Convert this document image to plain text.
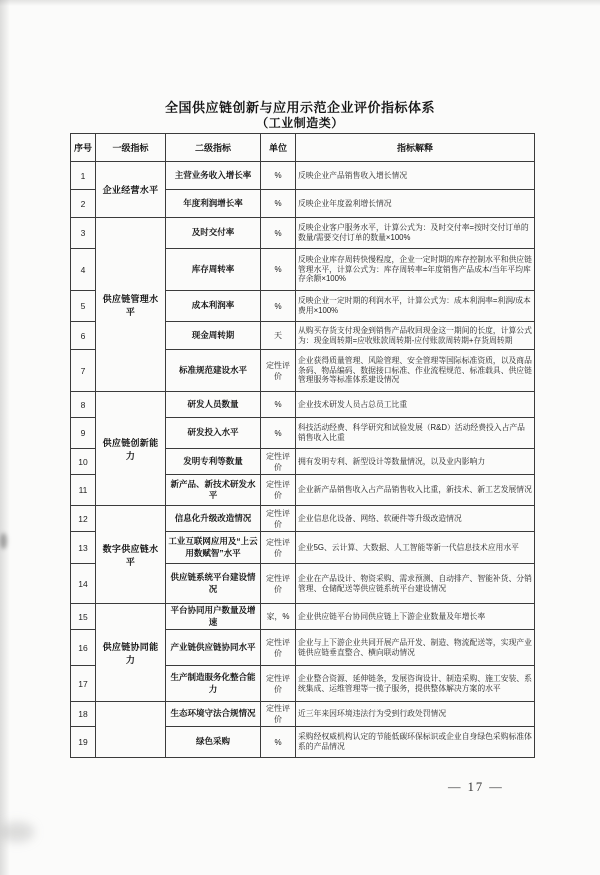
全国供应链创新与应用示范企业评价指标体系
（工业制造类）
序号	一级指标	二级指标	单位	指标解释
1	企业经营水平	主营业务收入增长率	%	反映企业产品销售收入增长情况
2		年度利润增长率	%	反映企业年度盈利增长情况
3	供应链管理水平	及时交付率	%	反映企业客户服务水平，计算公式为：及时交付率=按时交付订单的数量/需要交付订单的数量×100%
4		库存周转率	%	反映企业库存周转快慢程度，企业一定时期的库存控制水平和供应链管理水平，计算公式为：库存周转率=年度销售产品成本/当年平均库存余额×100%
5		成本利润率	%	反映企业一定时期的利润水平，计算公式为：成本利润率=利润/成本费用×100%
6		现金周转期	天	从购买存货支付现金到销售产品收回现金这一期间的长度，计算公式为：现金周转期=应收账款周转期-应付账款周转期+存货周转期
7		标准规范建设水平	定性评价	企业获得质量管理、风险管理、安全管理等国际标准资质，以及商品条码、物品编码、数据接口标准、作业流程规范、标准载具、供应链管理服务等标准体系建设情况
8	供应链创新能力	研发人员数量	%	企业技术研发人员占总员工比重
9		研发投入水平	%	科技活动经费、科学研究和试验发展（R&D）活动经费投入占产品销售收入比重
10		发明专利等数量	定性评价	拥有发明专利、新型设计等数量情况，以及业内影响力
11		新产品、新技术研发水平	定性评价	企业新产品销售收入占产品销售收入比重，新技术、新工艺发展情况
12	数字供应链水平	信息化升级改造情况	定性评价	企业信息化设备、网络、软硬件等升级改造情况
13		工业互联网应用及“上云用数赋智”水平	定性评价	企业5G、云计算、大数据、人工智能等新一代信息技术应用水平
14		供应链系统平台建设情况	定性评价	企业在产品设计、物资采购、需求预测、自动排产、智能补货、分销管理、仓储配送等供应链系统平台建设情况
15	供应链协同能力	平台协同用户数量及增速	家，%	企业供应链平台协同供应链上下游企业数量及年增长率
16		产业链供应链协同水平	定性评价	企业与上下游企业共同开展产品开发、制造、物流配送等，实现产业链供应链垂直整合、横向联动情况
17		生产制造服务化整合能力	定性评价	企业整合资源、延伸链条，发展咨询设计、制造采购、施工安装、系统集成、运维管理等一揽子服务，提供整体解决方案的水平
18		生态环境守法合规情况	定性评价	近三年来因环境违法行为受到行政处罚情况
19		绿色采购	%	采购经权威机构认定的节能低碳环保标识或企业自身绿色采购标准体系的产品情况
— 17 —
